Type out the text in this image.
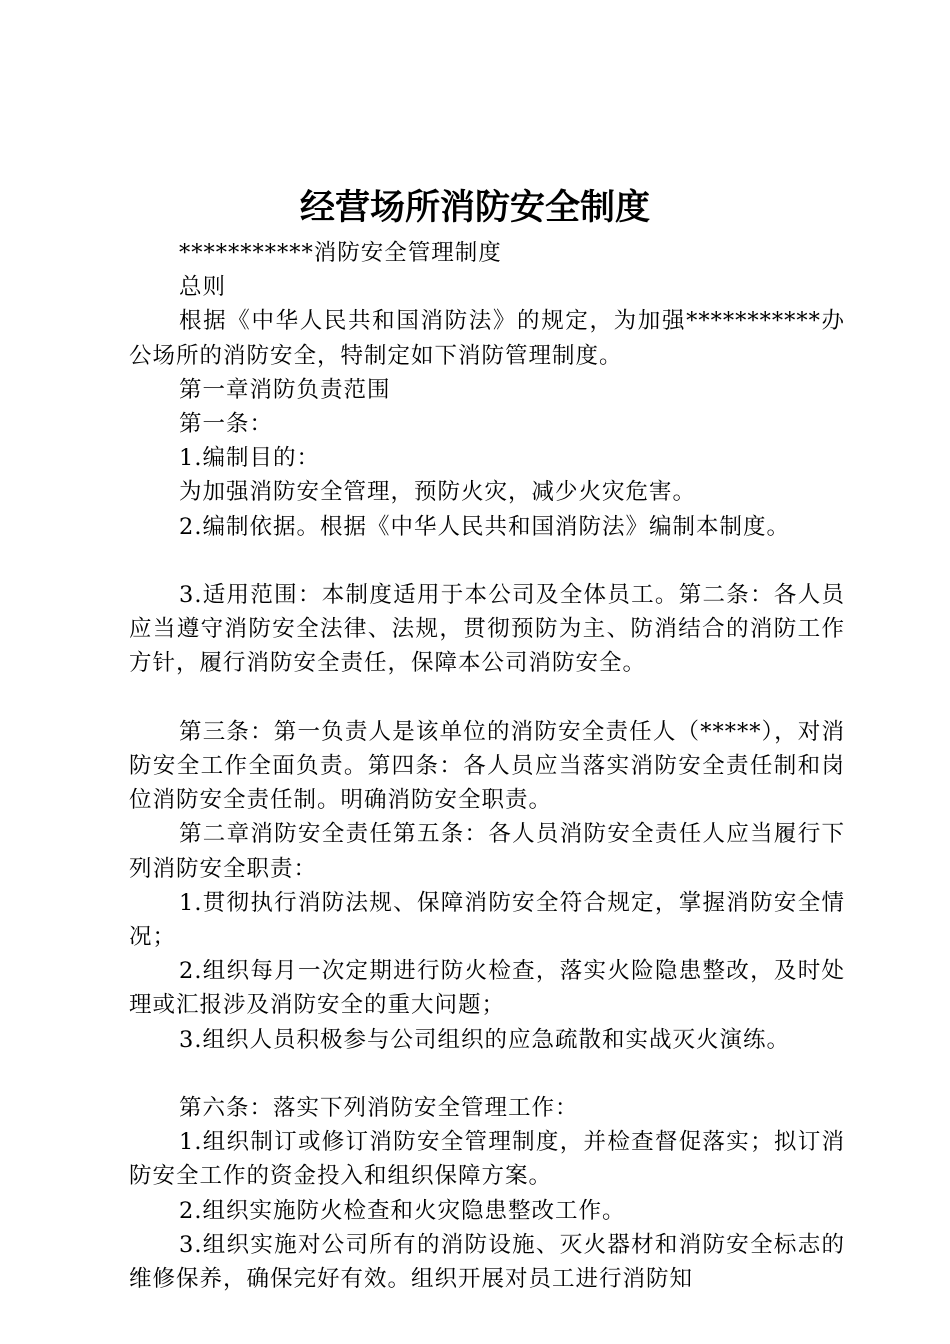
经营场所消防安全制度

***********消防安全管理制度

总则

根据《中华人民共和国消防法》的规定，为加强***********办公场所的消防安全，特制定如下消防管理制度。

第一章消防负责范围

第一条：

1.编制目的：

为加强消防安全管理，预防火灾，减少火灾危害。

2.编制依据。根据《中华人民共和国消防法》编制本制度。

3.适用范围：本制度适用于本公司及全体员工。第二条：各人员应当遵守消防安全法律、法规，贯彻预防为主、防消结合的消防工作方针，履行消防安全责任，保障本公司消防安全。

第三条：第一负责人是该单位的消防安全责任人（*****），对消防安全工作全面负责。第四条：各人员应当落实消防安全责任制和岗位消防安全责任制。明确消防安全职责。

第二章消防安全责任第五条：各人员消防安全责任人应当履行下列消防安全职责：

1.贯彻执行消防法规、保障消防安全符合规定，掌握消防安全情况；

2.组织每月一次定期进行防火检查，落实火险隐患整改，及时处理或汇报涉及消防安全的重大问题；

3.组织人员积极参与公司组织的应急疏散和实战灭火演练。

第六条：落实下列消防安全管理工作：

1.组织制订或修订消防安全管理制度，并检查督促落实；拟订消防安全工作的资金投入和组织保障方案。

2.组织实施防火检查和火灾隐患整改工作。

3.组织实施对公司所有的消防设施、灭火器材和消防安全标志的维修保养，确保完好有效。组织开展对员工进行消防知
